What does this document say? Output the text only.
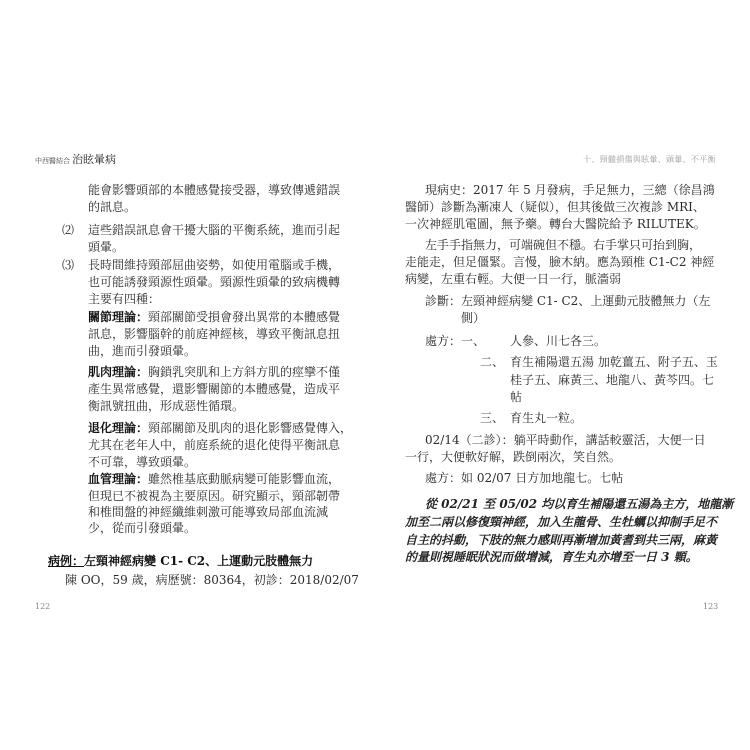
中西醫結合 治眩暈病
能會影響頭部的本體感覺接受器，導致傳遞錯誤
的訊息。
⑵ 這些錯誤訊息會干擾大腦的平衡系統，進而引起
頭暈。
⑶ 長時間維持頸部屈曲姿勢，如使用電腦或手機，
也可能誘發頸源性頭暈。頸源性頭暈的致病機轉
主要有四種：
關節理論：頸部關節受損會發出異常的本體感覺
訊息，影響腦幹的前庭神經核，導致平衡訊息扭
曲，進而引發頭暈。
肌肉理論：胸鎖乳突肌和上方斜方肌的痙攣不僅
產生異常感覺，還影響關節的本體感覺，造成平
衡訊號扭曲，形成惡性循環。
退化理論：頸部關節及肌肉的退化影響感覺傳入，
尤其在老年人中，前庭系統的退化使得平衡訊息
不可靠，導致頭暈。
血管理論：雖然椎基底動脈病變可能影響血流，
但現已不被視為主要原因。研究顯示，頸部韌帶
和椎間盤的神經纖維刺激可能導致局部血流減
少，從而引發頭暈。
病例：左頸神經病變 C1- C2、上運動元肢體無力
陳 OO，59 歲，病歷號：80364，初診：2018/02/07
122
十、頸髓損傷與眩暈、頭暈、不平衡
現病史：2017 年 5 月發病，手足無力，三總（徐昌鴻
醫師）診斷為漸凍人（疑似），但其後做三次複診 MRI、
一次神經肌電圖，無予藥。轉台大醫院給予 RILUTEK。
左手手指無力，可端碗但不穩。右手掌只可抬到胸，
走能走，但足僵緊。言慢，臉木納。應為頸椎 C1-C2 神經
病變，左重右輕。大便一日一行，脈濇弱
診斷：左頸神經病變 C1- C2、上運動元肢體無力（左
側）
處方： 一、 人參、川七各三。
二、 育生補陽還五湯 加乾薑五、附子五、玉
桂子五、麻黃三、地龍八、黃芩四。七
帖
三、 育生丸一粒。
02/14（二診）：躺平時動作，講話較靈活，大便一日
一行，大便軟好解，跌倒兩次，笑自然。
處方：如 02/07 日方加地龍七。七帖
從 02/21 至 05/02 均以育生補陽還五湯為主方，地龍漸
加至二兩以修復頸神經，加入生龍骨、生牡蠣以抑制手足不
自主的抖動，下肢的無力感則再漸增加黃耆到共三兩，麻黃
的量則視睡眠狀況而做增減，育生丸亦增至一日 3 顆。
123
